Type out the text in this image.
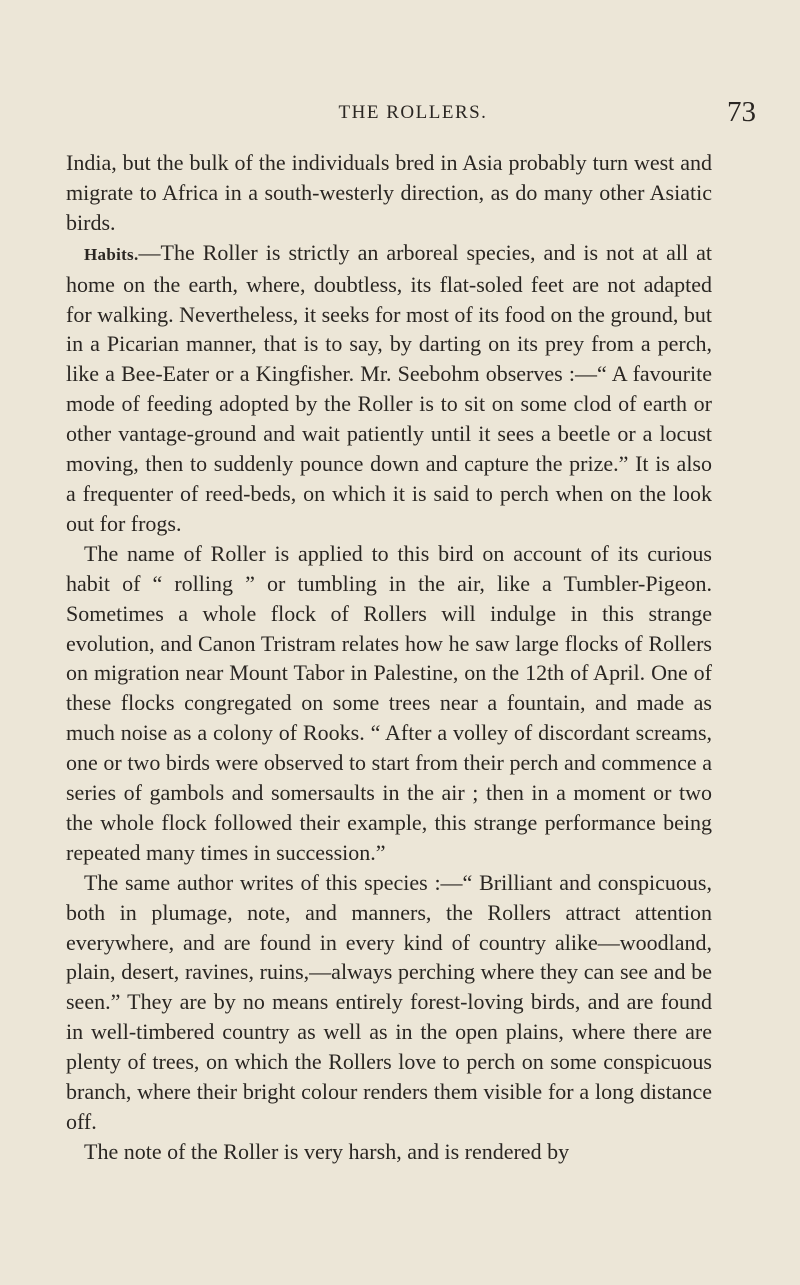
THE ROLLERS.	73

India, but the bulk of the individuals bred in Asia probably turn west and migrate to Africa in a south-westerly direction, as do many other Asiatic birds.

Habits.—The Roller is strictly an arboreal species, and is not at all at home on the earth, where, doubtless, its flat-soled feet are not adapted for walking. Nevertheless, it seeks for most of its food on the ground, but in a Picarian manner, that is to say, by darting on its prey from a perch, like a Bee-Eater or a Kingfisher. Mr. Seebohm observes :—“ A favourite mode of feeding adopted by the Roller is to sit on some clod of earth or other vantage-ground and wait patiently until it sees a beetle or a locust moving, then to suddenly pounce down and capture the prize.” It is also a frequenter of reed-beds, on which it is said to perch when on the look out for frogs.

The name of Roller is applied to this bird on account of its curious habit of “ rolling ” or tumbling in the air, like a Tumbler-Pigeon. Sometimes a whole flock of Rollers will indulge in this strange evolution, and Canon Tristram relates how he saw large flocks of Rollers on migration near Mount Tabor in Palestine, on the 12th of April. One of these flocks congregated on some trees near a fountain, and made as much noise as a colony of Rooks. “ After a volley of discordant screams, one or two birds were observed to start from their perch and commence a series of gambols and somersaults in the air ; then in a moment or two the whole flock followed their example, this strange performance being repeated many times in succession.”

The same author writes of this species :—“ Brilliant and conspicuous, both in plumage, note, and manners, the Rollers attract attention everywhere, and are found in every kind of country alike—woodland, plain, desert, ravines, ruins,—always perching where they can see and be seen.” They are by no means entirely forest-loving birds, and are found in well-timbered country as well as in the open plains, where there are plenty of trees, on which the Rollers love to perch on some conspicuous branch, where their bright colour renders them visible for a long distance off.

The note of the Roller is very harsh, and is rendered by
